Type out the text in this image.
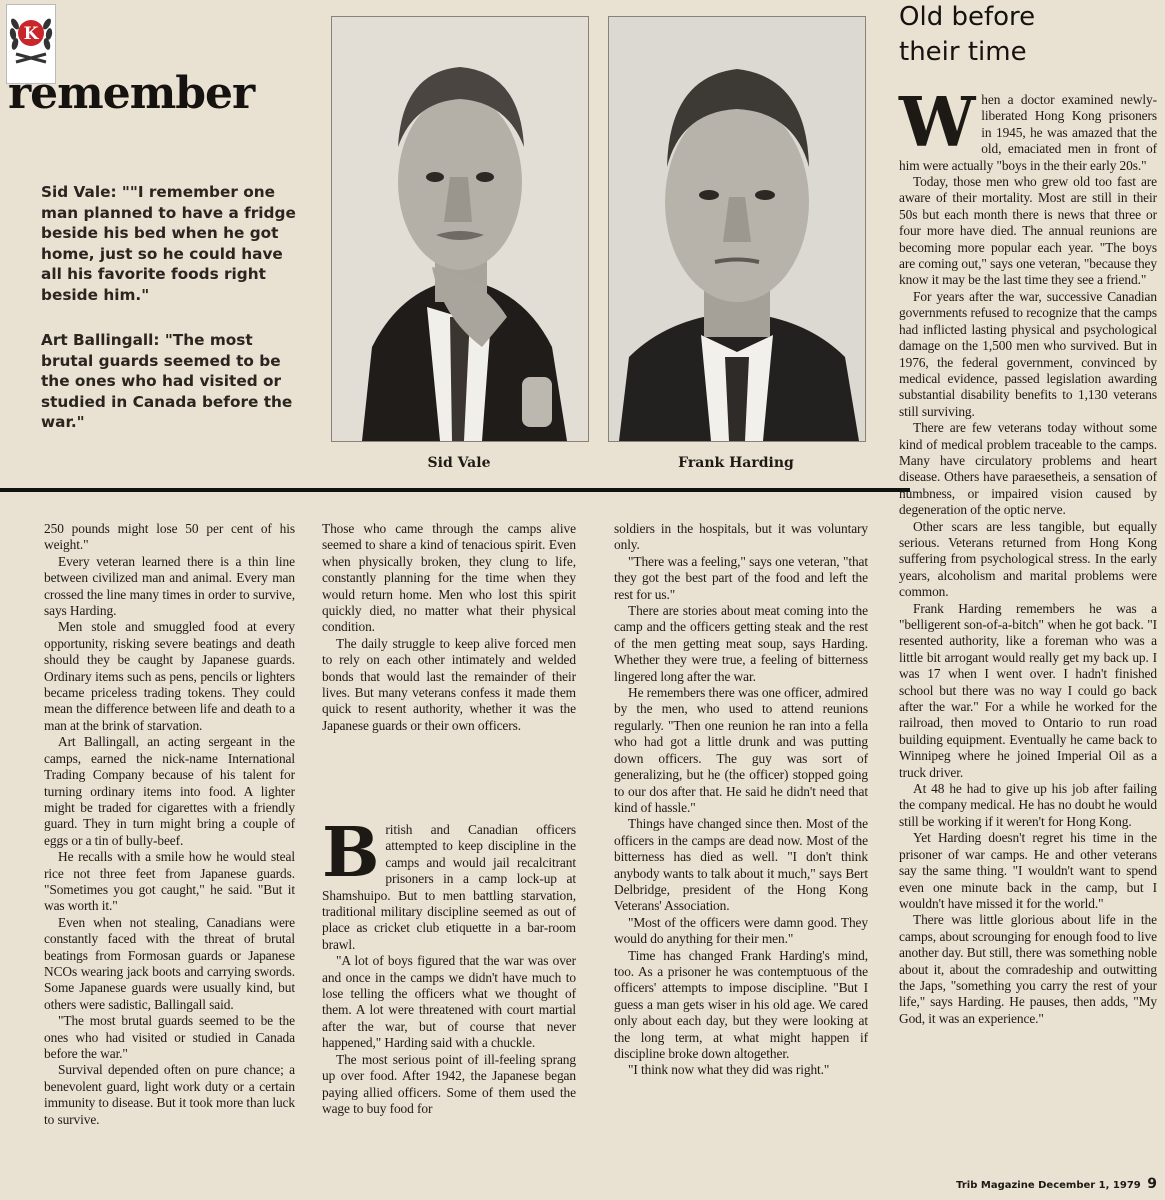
K
remember
Sid Vale: ""I remember one man planned to have a fridge beside his bed when he got home, just so he could have all his favorite foods right beside him."
Art Ballingall: "The most brutal guards seemed to be the ones who had visited or studied in Canada before the war."
Sid Vale	Frank Harding
Old before
their time

When a doctor examined newly-liberated Hong Kong prisoners in 1945, he was amazed that the old, emaciated men in front of him were actually "boys in the their early 20s."

Today, those men who grew old too fast are aware of their mortality. Most are still in their 50s but each month there is news that three or four more have died. The annual reunions are becoming more popular each year. "The boys are coming out," says one veteran, "because they know it may be the last time they see a friend."

For years after the war, successive Canadian governments refused to recognize that the camps had inflicted lasting physical and psychological damage on the 1,500 men who survived. But in 1976, the federal government, convinced by medical evidence, passed legislation awarding substantial disability benefits to 1,130 veterans still surviving.

There are few veterans today without some kind of medical problem traceable to the camps. Many have circulatory problems and heart disease. Others have paraesetheis, a sensation of numbness, or impaired vision caused by degeneration of the optic nerve.

Other scars are less tangible, but equally serious. Veterans returned from Hong Kong suffering from psychological stress. In the early years, alcoholism and marital problems were common.

Frank Harding remembers he was a "belligerent son-of-a-bitch" when he got back. "I resented authority, like a foreman who was a little bit arrogant would really get my back up. I was 17 when I went over. I hadn't finished school but there was no way I could go back after the war." For a while he worked for the railroad, then moved to Ontario to run road building equipment. Eventually he came back to Winnipeg where he joined Imperial Oil as a truck driver.

At 48 he had to give up his job after failing the company medical. He has no doubt he would still be working if it weren't for Hong Kong.

Yet Harding doesn't regret his time in the prisoner of war camps. He and other veterans say the same thing. "I wouldn't want to spend even one minute back in the camp, but I wouldn't have missed it for the world."

There was little glorious about life in the camps, about scrounging for enough food to live another day. But still, there was something noble about it, about the comradeship and outwitting the Japs, "something you carry the rest of your life," says Harding. He pauses, then adds, "My God, it was an experience."

250 pounds might lose 50 per cent of his weight."

Every veteran learned there is a thin line between civilized man and animal. Every man crossed the line many times in order to survive, says Harding.

Men stole and smuggled food at every opportunity, risking severe beatings and death should they be caught by Japanese guards. Ordinary items such as pens, pencils or lighters became priceless trading tokens. They could mean the difference between life and death to a man at the brink of starvation.

Art Ballingall, an acting sergeant in the camps, earned the nick-name International Trading Company because of his talent for turning ordinary items into food. A lighter might be traded for cigarettes with a friendly guard. They in turn might bring a couple of eggs or a tin of bully-beef.

He recalls with a smile how he would steal rice not three feet from Japanese guards. "Sometimes you got caught," he said. "But it was worth it."

Even when not stealing, Canadians were constantly faced with the threat of brutal beatings from Formosan guards or Japanese NCOs wearing jack boots and carrying swords. Some Japanese guards were usually kind, but others were sadistic, Ballingall said.

"The most brutal guards seemed to be the ones who had visited or studied in Canada before the war."

Survival depended often on pure chance; a benevolent guard, light work duty or a certain immunity to disease. But it took more than luck to survive.

Those who came through the camps alive seemed to share a kind of tenacious spirit. Even when physically broken, they clung to life, constantly planning for the time when they would return home. Men who lost this spirit quickly died, no matter what their physical condition.

The daily struggle to keep alive forced men to rely on each other intimately and welded bonds that would last the remainder of their lives. But many veterans confess it made them quick to resent authority, whether it was the Japanese guards or their own officers.

British and Canadian officers attempted to keep discipline in the camps and would jail recalcitrant prisoners in a camp lock-up at Shamshuipo. But to men battling starvation, traditional military discipline seemed as out of place as cricket club etiquette in a bar-room brawl.

"A lot of boys figured that the war was over and once in the camps we didn't have much to lose telling the officers what we thought of them. A lot were threatened with court martial after the war, but of course that never happened," Harding said with a chuckle.

The most serious point of ill-feeling sprang up over food. After 1942, the Japanese began paying allied officers. Some of them used the wage to buy food for

soldiers in the hospitals, but it was voluntary only.

"There was a feeling," says one veteran, "that they got the best part of the food and left the rest for us."

There are stories about meat coming into the camp and the officers getting steak and the rest of the men getting meat soup, says Harding. Whether they were true, a feeling of bitterness lingered long after the war.

He remembers there was one officer, admired by the men, who used to attend reunions regularly. "Then one reunion he ran into a fella who had got a little drunk and was putting down officers. The guy was sort of generalizing, but he (the officer) stopped going to our dos after that. He said he didn't need that kind of hassle."

Things have changed since then. Most of the officers in the camps are dead now. Most of the bitterness has died as well. "I don't think anybody wants to talk about it much," says Bert Delbridge, president of the Hong Kong Veterans' Association.

"Most of the officers were damn good. They would do anything for their men."

Time has changed Frank Harding's mind, too. As a prisoner he was contemptuous of the officers' attempts to impose discipline. "But I guess a man gets wiser in his old age. We cared only about each day, but they were looking at the long term, at what might happen if discipline broke down altogether.

"I think now what they did was right."

Trib Magazine December 1, 1979 9
